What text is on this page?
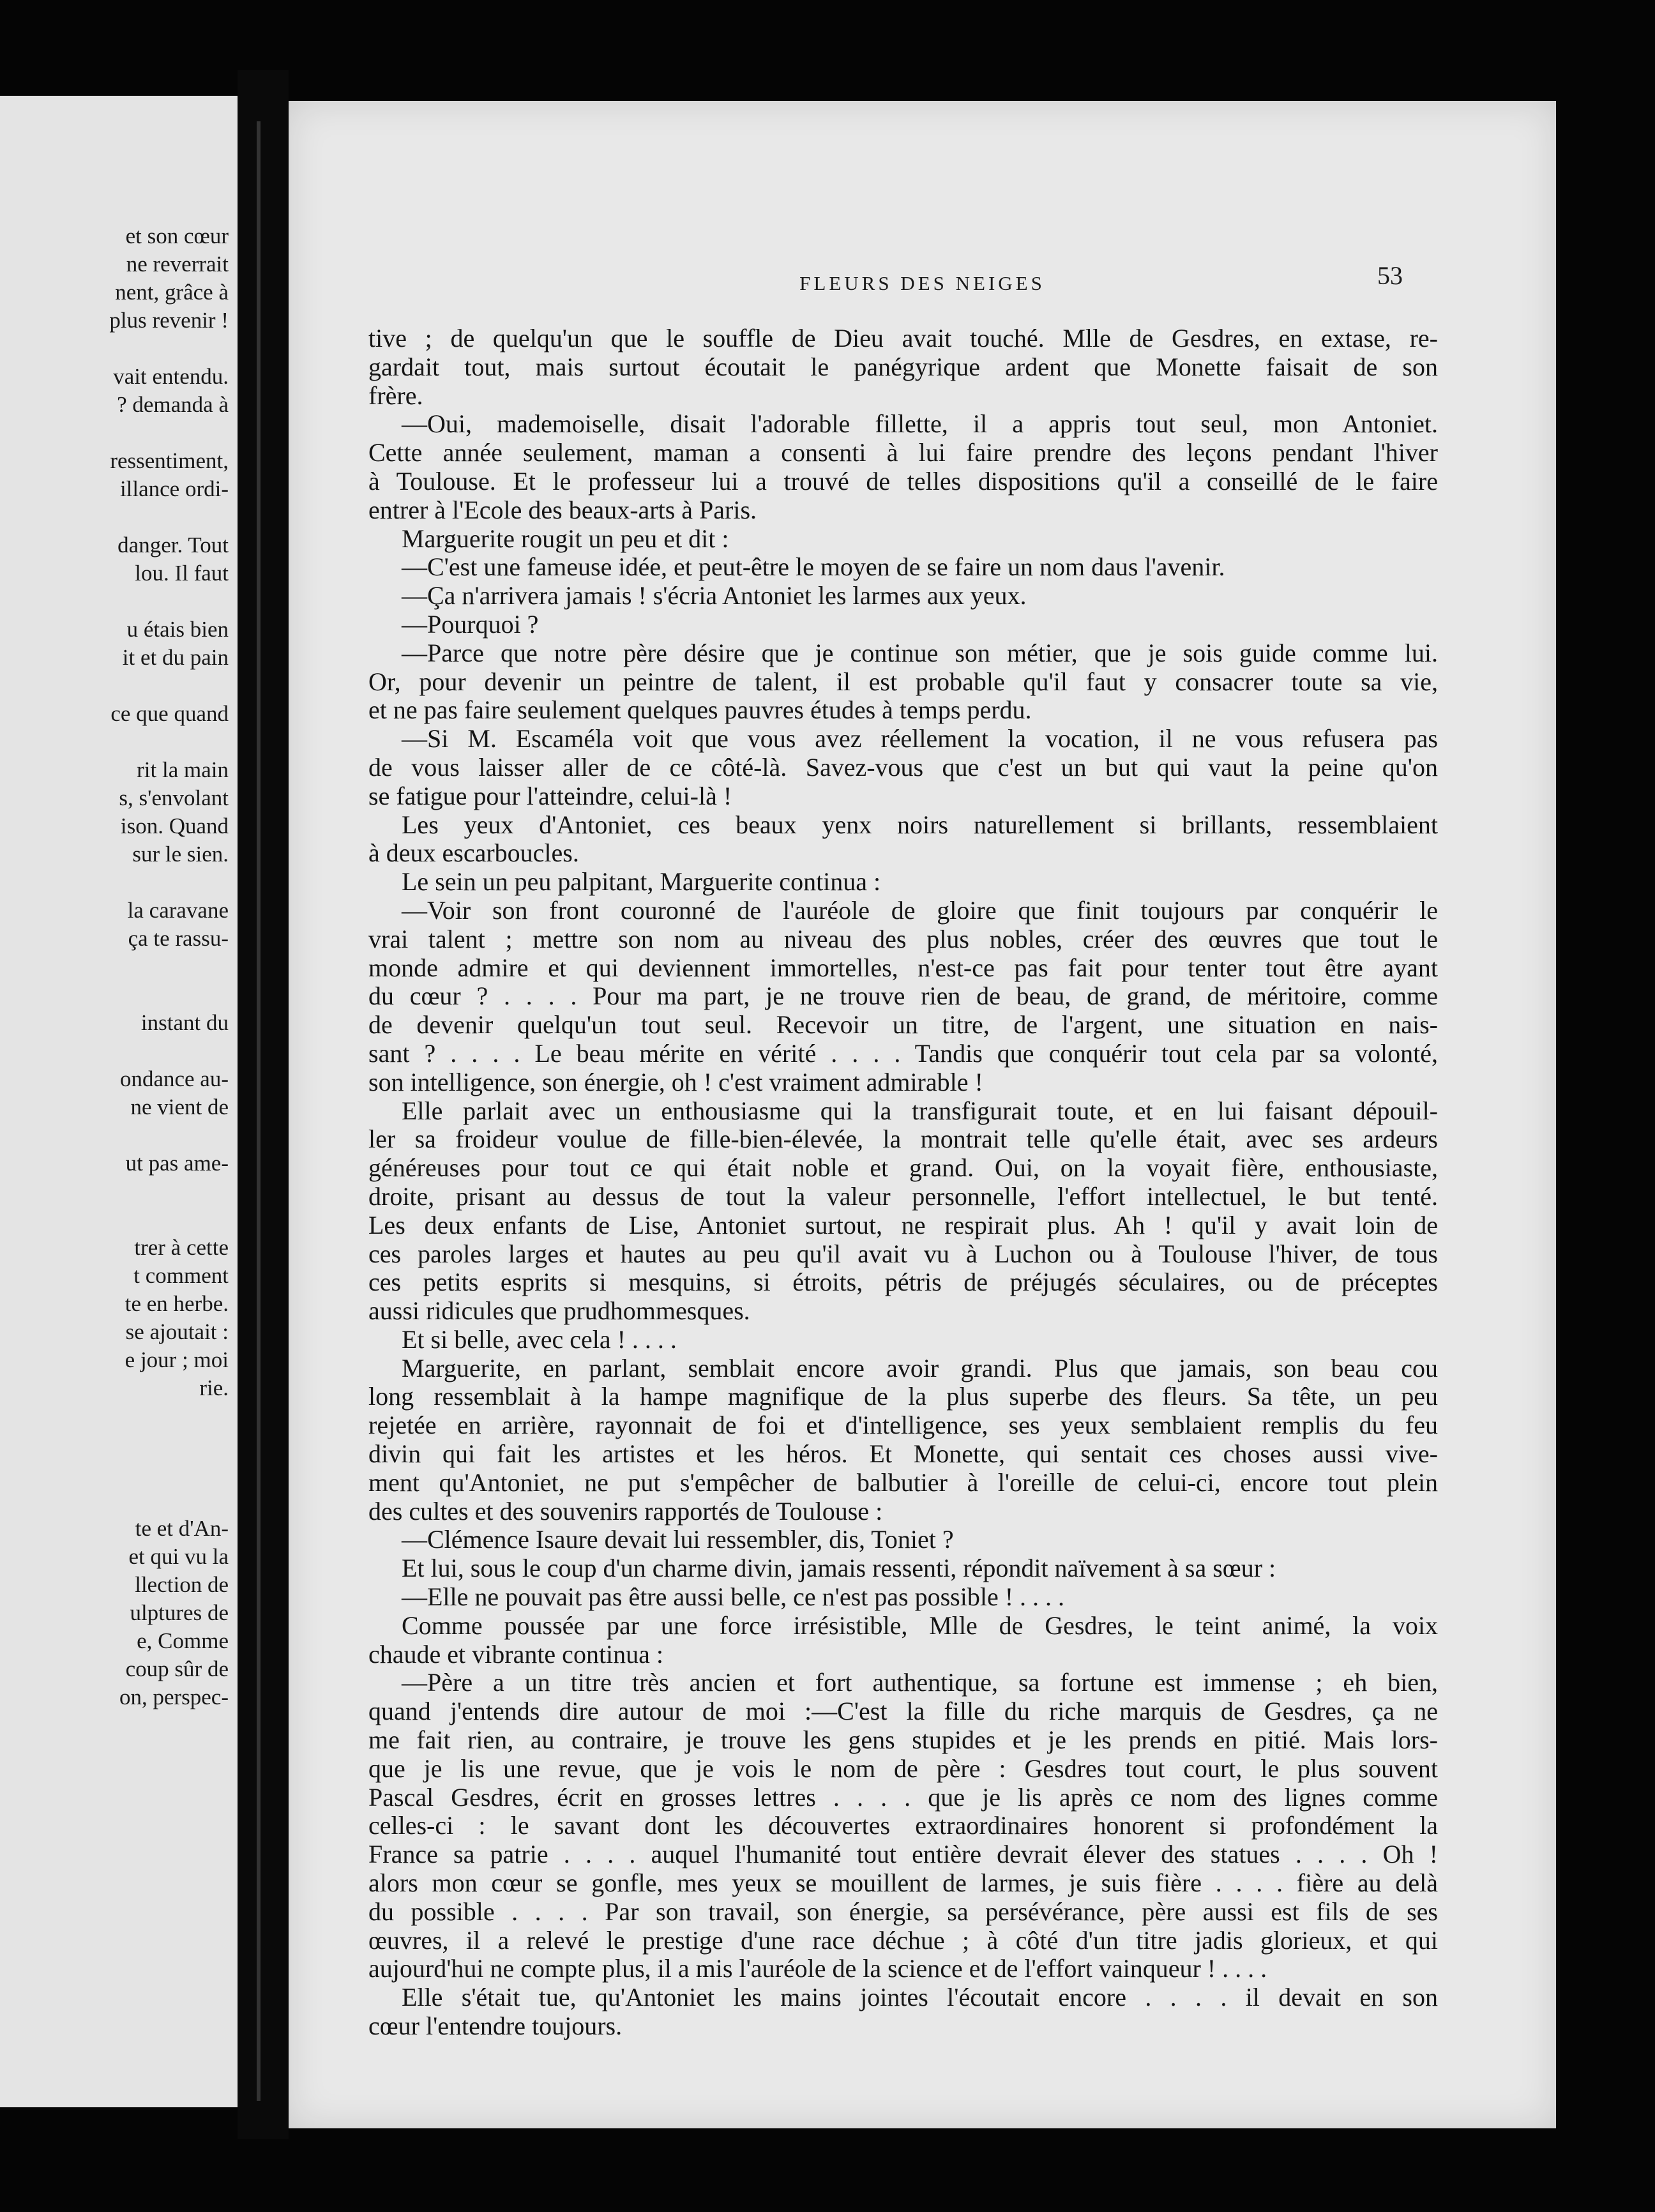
et son cœur
ne reverrait
nent, grâce à
plus revenir !
vait entendu.
? demanda à
ressentiment,
illance ordi-
danger. Tout
lou. Il faut
u étais bien
it et du pain
ce que quand
rit la main
s, s'envolant
ison. Quand
sur le sien.
la caravane
ça te rassu-
instant du
ondance au-
ne vient de
ut pas ame-
trer à cette
t comment
te en herbe.
se ajoutait :
e jour ; moi
rie.
te et d'An-
et qui vu la
llection de
ulptures de
e, Comme
coup sûr de
on, perspec-
FLEURS DES NEIGES	53
tive ; de quelqu'un que le souffle de Dieu avait touché. Mlle de Gesdres, en extase, re-
gardait tout, mais surtout écoutait le panégyrique ardent que Monette faisait de son
frère.
—Oui, mademoiselle, disait l'adorable fillette, il a appris tout seul, mon Antoniet.
Cette année seulement, maman a consenti à lui faire prendre des leçons pendant l'hiver
à Toulouse. Et le professeur lui a trouvé de telles dispositions qu'il a conseillé de le faire
entrer à l'Ecole des beaux-arts à Paris.
Marguerite rougit un peu et dit :
—C'est une fameuse idée, et peut-être le moyen de se faire un nom daus l'avenir.
—Ça n'arrivera jamais ! s'écria Antoniet les larmes aux yeux.
—Pourquoi ?
—Parce que notre père désire que je continue son métier, que je sois guide comme lui.
Or, pour devenir un peintre de talent, il est probable qu'il faut y consacrer toute sa vie,
et ne pas faire seulement quelques pauvres études à temps perdu.
—Si M. Escaméla voit que vous avez réellement la vocation, il ne vous refusera pas
de vous laisser aller de ce côté-là. Savez-vous que c'est un but qui vaut la peine qu'on
se fatigue pour l'atteindre, celui-là !
Les yeux d'Antoniet, ces beaux yenx noirs naturellement si brillants, ressemblaient
à deux escarboucles.
Le sein un peu palpitant, Marguerite continua :
—Voir son front couronné de l'auréole de gloire que finit toujours par conquérir le
vrai talent ; mettre son nom au niveau des plus nobles, créer des œuvres que tout le
monde admire et qui deviennent immortelles, n'est-ce pas fait pour tenter tout être ayant
du cœur ? . . . . Pour ma part, je ne trouve rien de beau, de grand, de méritoire, comme
de devenir quelqu'un tout seul. Recevoir un titre, de l'argent, une situation en nais-
sant ? . . . . Le beau mérite en vérité . . . . Tandis que conquérir tout cela par sa volonté,
son intelligence, son énergie, oh ! c'est vraiment admirable !
Elle parlait avec un enthousiasme qui la transfigurait toute, et en lui faisant dépouil-
ler sa froideur voulue de fille-bien-élevée, la montrait telle qu'elle était, avec ses ardeurs
généreuses pour tout ce qui était noble et grand. Oui, on la voyait fière, enthousiaste,
droite, prisant au dessus de tout la valeur personnelle, l'effort intellectuel, le but tenté.
Les deux enfants de Lise, Antoniet surtout, ne respirait plus. Ah ! qu'il y avait loin de
ces paroles larges et hautes au peu qu'il avait vu à Luchon ou à Toulouse l'hiver, de tous
ces petits esprits si mesquins, si étroits, pétris de préjugés séculaires, ou de préceptes
aussi ridicules que prudhommesques.
Et si belle, avec cela ! . . . .
Marguerite, en parlant, semblait encore avoir grandi. Plus que jamais, son beau cou
long ressemblait à la hampe magnifique de la plus superbe des fleurs. Sa tête, un peu
rejetée en arrière, rayonnait de foi et d'intelligence, ses yeux semblaient remplis du feu
divin qui fait les artistes et les héros. Et Monette, qui sentait ces choses aussi vive-
ment qu'Antoniet, ne put s'empêcher de balbutier à l'oreille de celui-ci, encore tout plein
des cultes et des souvenirs rapportés de Toulouse :
—Clémence Isaure devait lui ressembler, dis, Toniet ?
Et lui, sous le coup d'un charme divin, jamais ressenti, répondit naïvement à sa sœur :
—Elle ne pouvait pas être aussi belle, ce n'est pas possible ! . . . .
Comme poussée par une force irrésistible, Mlle de Gesdres, le teint animé, la voix
chaude et vibrante continua :
—Père a un titre très ancien et fort authentique, sa fortune est immense ; eh bien,
quand j'entends dire autour de moi :—C'est la fille du riche marquis de Gesdres, ça ne
me fait rien, au contraire, je trouve les gens stupides et je les prends en pitié. Mais lors-
que je lis une revue, que je vois le nom de père : Gesdres tout court, le plus souvent
Pascal Gesdres, écrit en grosses lettres . . . . que je lis après ce nom des lignes comme
celles-ci : le savant dont les découvertes extraordinaires honorent si profondément la
France sa patrie . . . . auquel l'humanité tout entière devrait élever des statues . . . . Oh !
alors mon cœur se gonfle, mes yeux se mouillent de larmes, je suis fière . . . . fière au delà
du possible . . . . Par son travail, son énergie, sa persévérance, père aussi est fils de ses
œuvres, il a relevé le prestige d'une race déchue ; à côté d'un titre jadis glorieux, et qui
aujourd'hui ne compte plus, il a mis l'auréole de la science et de l'effort vainqueur ! . . . .
Elle s'était tue, qu'Antoniet les mains jointes l'écoutait encore . . . . il devait en son
cœur l'entendre toujours.
